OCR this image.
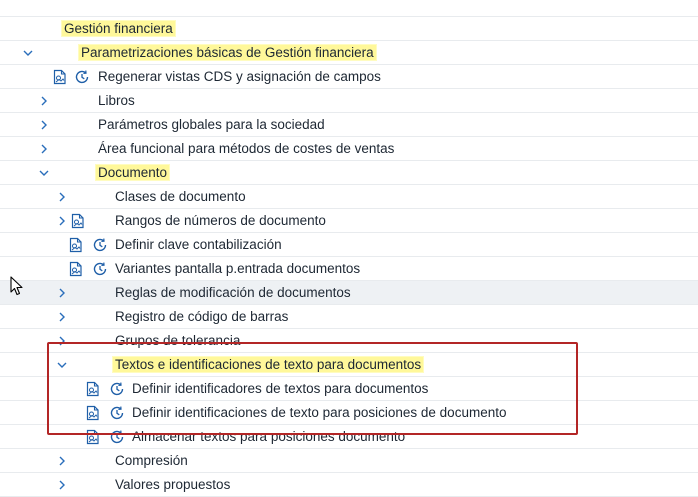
Gestión financiera
Parametrizaciones básicas de Gestión financiera
Regenerar vistas CDS y asignación de campos
Libros
Parámetros globales para la sociedad
Área funcional para métodos de costes de ventas
Documento
Clases de documento
Rangos de números de documento
Definir clave contabilización
Variantes pantalla p.entrada documentos
Reglas de modificación de documentos
Registro de código de barras
Grupos de tolerancia
Textos e identificaciones de texto para documentos
Definir identificadores de textos para documentos
Definir identificaciones de texto para posiciones de documento
Almacenar textos para posiciones documento
Compresión
Valores propuestos
